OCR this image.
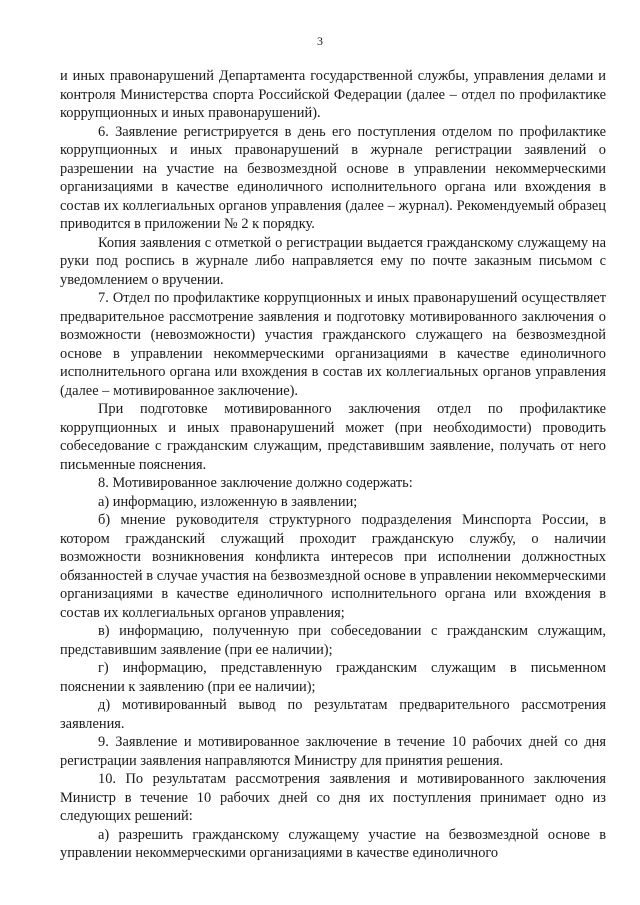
3

и иных правонарушений Департамента государственной службы, управления делами и контроля Министерства спорта Российской Федерации (далее – отдел по профилактике коррупционных и иных правонарушений).

6. Заявление регистрируется в день его поступления отделом по профилактике коррупционных и иных правонарушений в журнале регистрации заявлений о разрешении на участие на безвозмездной основе в управлении некоммерческими организациями в качестве единоличного исполнительного органа или вхождения в состав их коллегиальных органов управления (далее – журнал). Рекомендуемый образец приводится в приложении № 2 к порядку.

Копия заявления с отметкой о регистрации выдается гражданскому служащему на руки под роспись в журнале либо направляется ему по почте заказным письмом с уведомлением о вручении.

7. Отдел по профилактике коррупционных и иных правонарушений осуществляет предварительное рассмотрение заявления и подготовку мотивированного заключения о возможности (невозможности) участия гражданского служащего на безвозмездной основе в управлении некоммерческими организациями в качестве единоличного исполнительного органа или вхождения в состав их коллегиальных органов управления (далее – мотивированное заключение).

При подготовке мотивированного заключения отдел по профилактике коррупционных и иных правонарушений может (при необходимости) проводить собеседование с гражданским служащим, представившим заявление, получать от него письменные пояснения.

8. Мотивированное заключение должно содержать:

а) информацию, изложенную в заявлении;

б) мнение руководителя структурного подразделения Минспорта России, в котором гражданский служащий проходит гражданскую службу, о наличии возможности возникновения конфликта интересов при исполнении должностных обязанностей в случае участия на безвозмездной основе в управлении некоммерческими организациями в качестве единоличного исполнительного органа или вхождения в состав их коллегиальных органов управления;

в) информацию, полученную при собеседовании с гражданским служащим, представившим заявление (при ее наличии);

г) информацию, представленную гражданским служащим в письменном пояснении к заявлению (при ее наличии);

д) мотивированный вывод по результатам предварительного рассмотрения заявления.

9. Заявление и мотивированное заключение в течение 10 рабочих дней со дня регистрации заявления направляются Министру для принятия решения.

10. По результатам рассмотрения заявления и мотивированного заключения Министр в течение 10 рабочих дней со дня их поступления принимает одно из следующих решений:

а) разрешить гражданскому служащему участие на безвозмездной основе в управлении некоммерческими организациями в качестве единоличного
